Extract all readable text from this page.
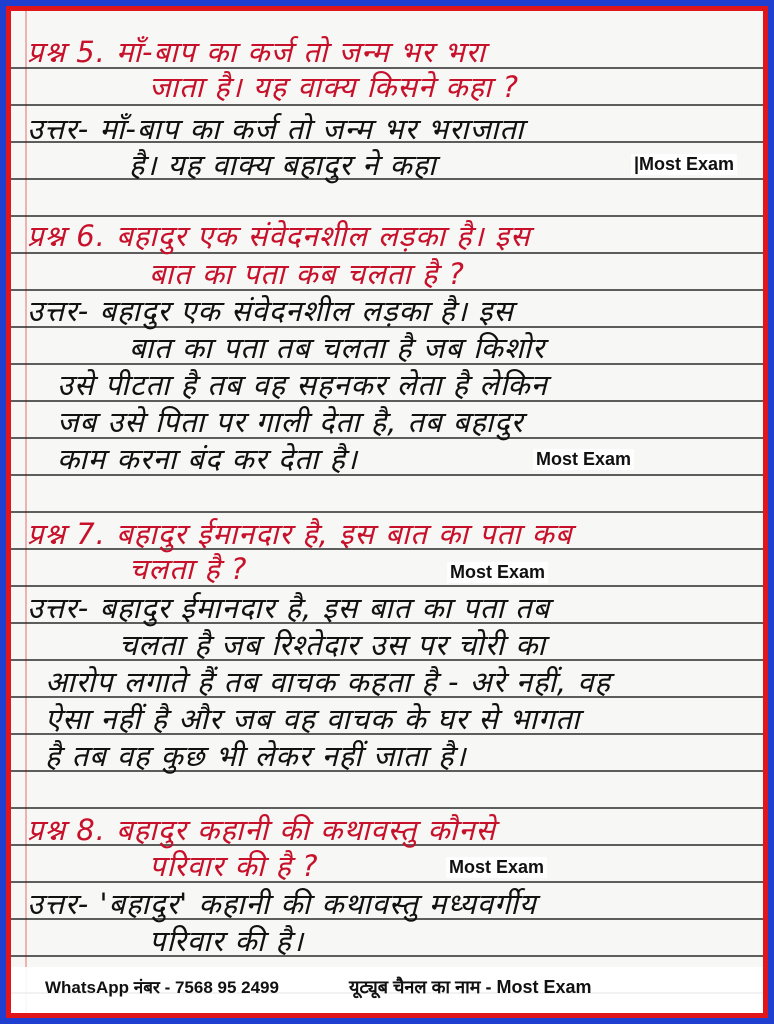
प्रश्न 5. माँ-बाप का कर्ज तो जन्म भर भरा
जाता है। यह वाक्य किसने कहा ?
उत्तर- माँ-बाप का कर्ज तो जन्म भर भराजाता
है। यह वाक्य बहादुर ने कहा	|Most Exam
प्रश्न 6. बहादुर एक संवेदनशील लड़का है। इस
बात का पता कब चलता है ?
उत्तर- बहादुर एक संवेदनशील लड़का है। इस
बात का पता तब चलता है जब किशोर
उसे पीटता है तब वह सहनकर लेता है लेकिन
जब उसे पिता पर गाली देता है, तब बहादुर
काम करना बंद कर देता है।	Most Exam
प्रश्न 7. बहादुर ईमानदार है, इस बात का पता कब
चलता है ?	Most Exam
उत्तर- बहादुर ईमानदार है, इस बात का पता तब
चलता है जब रिश्तेदार उस पर चोरी का
आरोप लगाते हैं तब वाचक कहता है - अरे नहीं, वह
ऐसा नहीं है और जब वह वाचक के घर से भागता
है तब वह कुछ भी लेकर नहीं जाता है।
प्रश्न 8. बहादुर कहानी की कथावस्तु कौनसे
परिवार की है ?	Most Exam
उत्तर- 'बहादुर' कहानी की कथावस्तु मध्यवर्गीय
परिवार की है।
WhatsApp नंबर - 7568 95 2499	यूट्यूब चैनल का नाम - Most Exam
